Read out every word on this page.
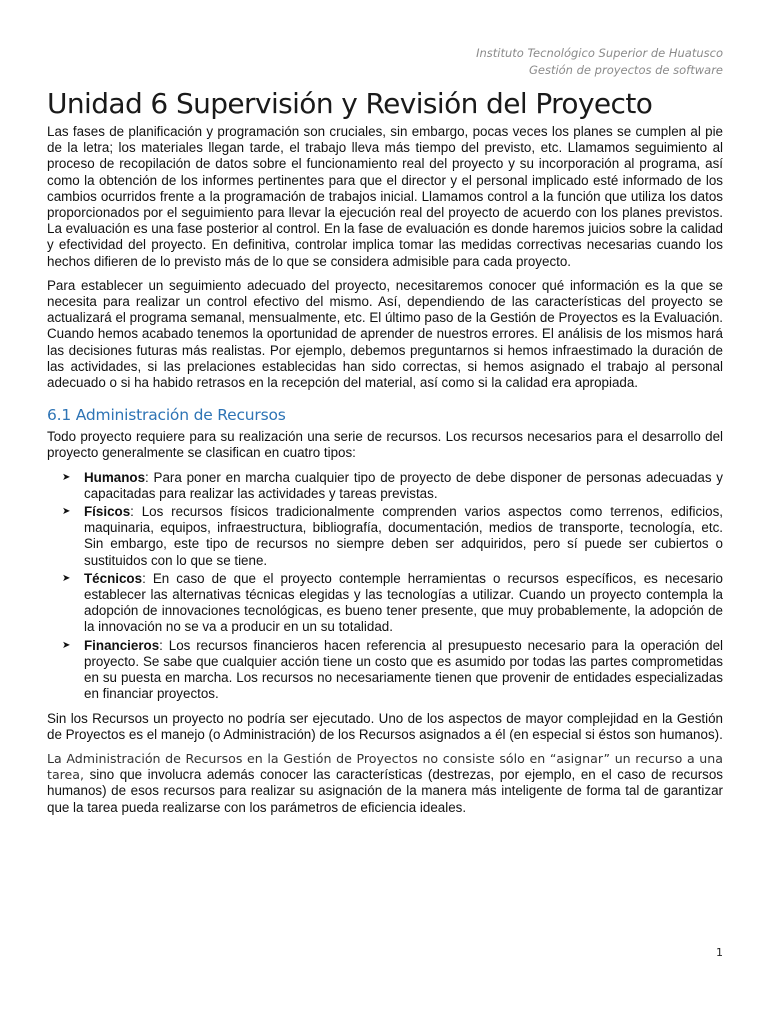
Instituto Tecnológico Superior de Huatusco
Gestión de proyectos de software
Unidad 6 Supervisión y Revisión del Proyecto

Las fases de planificación y programación son cruciales, sin embargo, pocas veces los planes se cumplen al pie de la letra; los materiales llegan tarde, el trabajo lleva más tiempo del previsto, etc. Llamamos seguimiento al proceso de recopilación de datos sobre el funcionamiento real del proyecto y su incorporación al programa, así como la obtención de los informes pertinentes para que el director y el personal implicado esté informado de los cambios ocurridos frente a la programación de trabajos inicial. Llamamos control a la función que utiliza los datos proporcionados por el seguimiento para llevar la ejecución real del proyecto de acuerdo con los planes previstos. La evaluación es una fase posterior al control. En la fase de evaluación es donde haremos juicios sobre la calidad y efectividad del proyecto. En definitiva, controlar implica tomar las medidas correctivas necesarias cuando los hechos difieren de lo previsto más de lo que se considera admisible para cada proyecto.

Para establecer un seguimiento adecuado del proyecto, necesitaremos conocer qué información es la que se necesita para realizar un control efectivo del mismo. Así, dependiendo de las características del proyecto se actualizará el programa semanal, mensualmente, etc. El último paso de la Gestión de Proyectos es la Evaluación. Cuando hemos acabado tenemos la oportunidad de aprender de nuestros errores. El análisis de los mismos hará las decisiones futuras más realistas. Por ejemplo, debemos preguntarnos si hemos infraestimado la duración de las actividades, si las prelaciones establecidas han sido correctas, si hemos asignado el trabajo al personal adecuado o si ha habido retrasos en la recepción del material, así como si la calidad era apropiada.

6.1 Administración de Recursos

Todo proyecto requiere para su realización una serie de recursos. Los recursos necesarios para el desarrollo del proyecto generalmente se clasifican en cuatro tipos:

➤ Humanos: Para poner en marcha cualquier tipo de proyecto de debe disponer de personas adecuadas y capacitadas para realizar las actividades y tareas previstas.
➤ Físicos: Los recursos físicos tradicionalmente comprenden varios aspectos como terrenos, edificios, maquinaria, equipos, infraestructura, bibliografía, documentación, medios de transporte, tecnología, etc. Sin embargo, este tipo de recursos no siempre deben ser adquiridos, pero sí puede ser cubiertos o sustituidos con lo que se tiene.
➤ Técnicos: En caso de que el proyecto contemple herramientas o recursos específicos, es necesario establecer las alternativas técnicas elegidas y las tecnologías a utilizar. Cuando un proyecto contempla la adopción de innovaciones tecnológicas, es bueno tener presente, que muy probablemente, la adopción de la innovación no se va a producir en un su totalidad.
➤ Financieros: Los recursos financieros hacen referencia al presupuesto necesario para la operación del proyecto. Se sabe que cualquier acción tiene un costo que es asumido por todas las partes comprometidas en su puesta en marcha. Los recursos no necesariamente tienen que provenir de entidades especializadas en financiar proyectos.

Sin los Recursos un proyecto no podría ser ejecutado. Uno de los aspectos de mayor complejidad en la Gestión de Proyectos es el manejo (o Administración) de los Recursos asignados a él (en especial si éstos son humanos).

La Administración de Recursos en la Gestión de Proyectos no consiste sólo en “asignar” un recurso a una tarea, sino que involucra además conocer las características (destrezas, por ejemplo, en el caso de recursos humanos) de esos recursos para realizar su asignación de la manera más inteligente de forma tal de garantizar que la tarea pueda realizarse con los parámetros de eficiencia ideales.

1
